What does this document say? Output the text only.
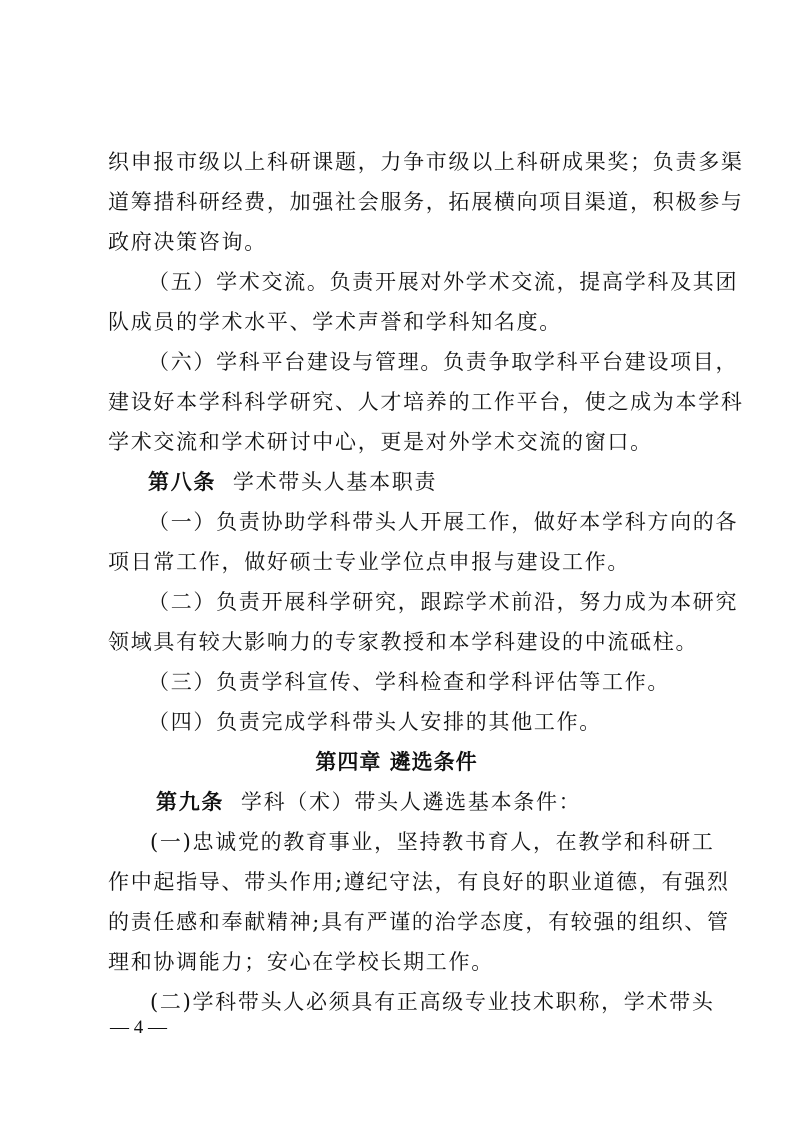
织申报市级以上科研课题，力争市级以上科研成果奖；负责多渠
道筹措科研经费，加强社会服务，拓展横向项目渠道，积极参与
政府决策咨询。
（五）学术交流。负责开展对外学术交流，提高学科及其团
队成员的学术水平、学术声誉和学科知名度。
（六）学科平台建设与管理。负责争取学科平台建设项目，
建设好本学科科学研究、人才培养的工作平台，使之成为本学科
学术交流和学术研讨中心，更是对外学术交流的窗口。
第八条 学术带头人基本职责
（一）负责协助学科带头人开展工作，做好本学科方向的各
项日常工作，做好硕士专业学位点申报与建设工作。
（二）负责开展科学研究，跟踪学术前沿，努力成为本研究
领域具有较大影响力的专家教授和本学科建设的中流砥柱。
（三）负责学科宣传、学科检查和学科评估等工作。
（四）负责完成学科带头人安排的其他工作。
第四章 遴选条件
第九条 学科（术）带头人遴选基本条件：
(一)忠诚党的教育事业，坚持教书育人，在教学和科研工
作中起指导、带头作用;遵纪守法，有良好的职业道德，有强烈
的责任感和奉献精神;具有严谨的治学态度，有较强的组织、管
理和协调能力；安心在学校长期工作。
(二)学科带头人必须具有正高级专业技术职称，学术带头
— 4 —
